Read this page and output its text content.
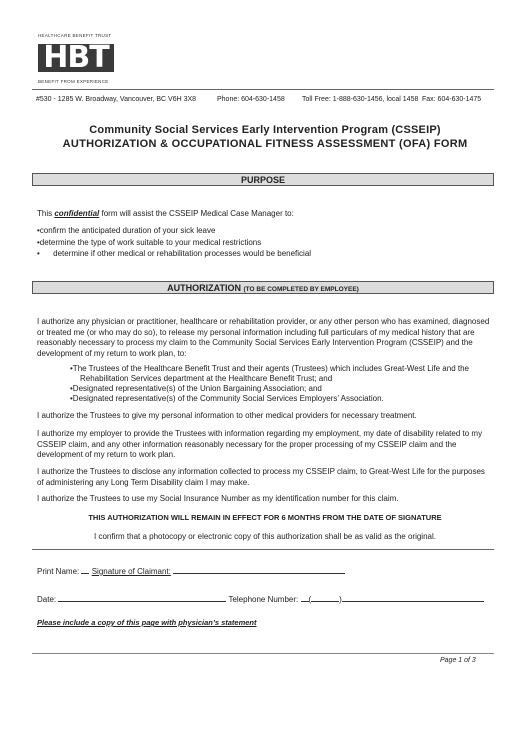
HEALTHCARE BENEFIT TRUST
HBT
BENEFIT FROM EXPERIENCE
#530 - 1285 W. Broadway, Vancouver, BC V6H 3X8	Phone: 604-630-1458 Toll Free: 1-888-630-1456, local 1458 Fax: 604-630-1475
Community Social Services Early Intervention Program (CSSEIP)
AUTHORIZATION & OCCUPATIONAL FITNESS ASSESSMENT (OFA) FORM
PURPOSE
This confidential form will assist the CSSEIP Medical Case Manager to:
•confirm the anticipated duration of your sick leave
•determine the type of work suitable to your medical restrictions
•      determine if other medical or rehabilitation processes would be beneficial
AUTHORIZATION (TO BE COMPLETED BY EMPLOYEE)
I authorize any physician or practitioner, healthcare or rehabilitation provider, or any other person who has examined, diagnosed or treated me (or who may do so), to release my personal information including full particulars of my medical history that are reasonably necessary to process my claim to the Community Social Services Early Intervention Program (CSSEIP) and the development of my return to work plan, to:
•The Trustees of the Healthcare Benefit Trust and their agents (Trustees) which includes Great-West Life and the
Rehabilitation Services department at the Healthcare Benefit Trust; and
•Designated representative(s) of the Union Bargaining Association; and
•Designated representative(s) of the Community Social Services Employers’ Association.
I authorize the Trustees to give my personal information to other medical providers for necessary treatment.
I authorize my employer to provide the Trustees with information regarding my employment, my date of disability related to my CSSEIP claim, and any other information reasonably necessary for the proper processing of my CSSEIP claim and the development of my return to work plan.
I authorize the Trustees to disclose any information collected to process my CSSEIP claim, to Great-West Life for the purposes of administering any Long Term Disability claim I may make.
I authorize the Trustees to use my Social Insurance Number as my identification number for this claim.
THIS AUTHORIZATION WILL REMAIN IN EFFECT FOR 6 MONTHS FROM THE DATE OF SIGNATURE
I confirm that a photocopy or electronic copy of this authorization shall be as valid as the original.
Print Name: Signature of Claimant:
Date:	Telephone Number: (	)
Please include a copy of this page with physician’s statement
Page 1 of 3
